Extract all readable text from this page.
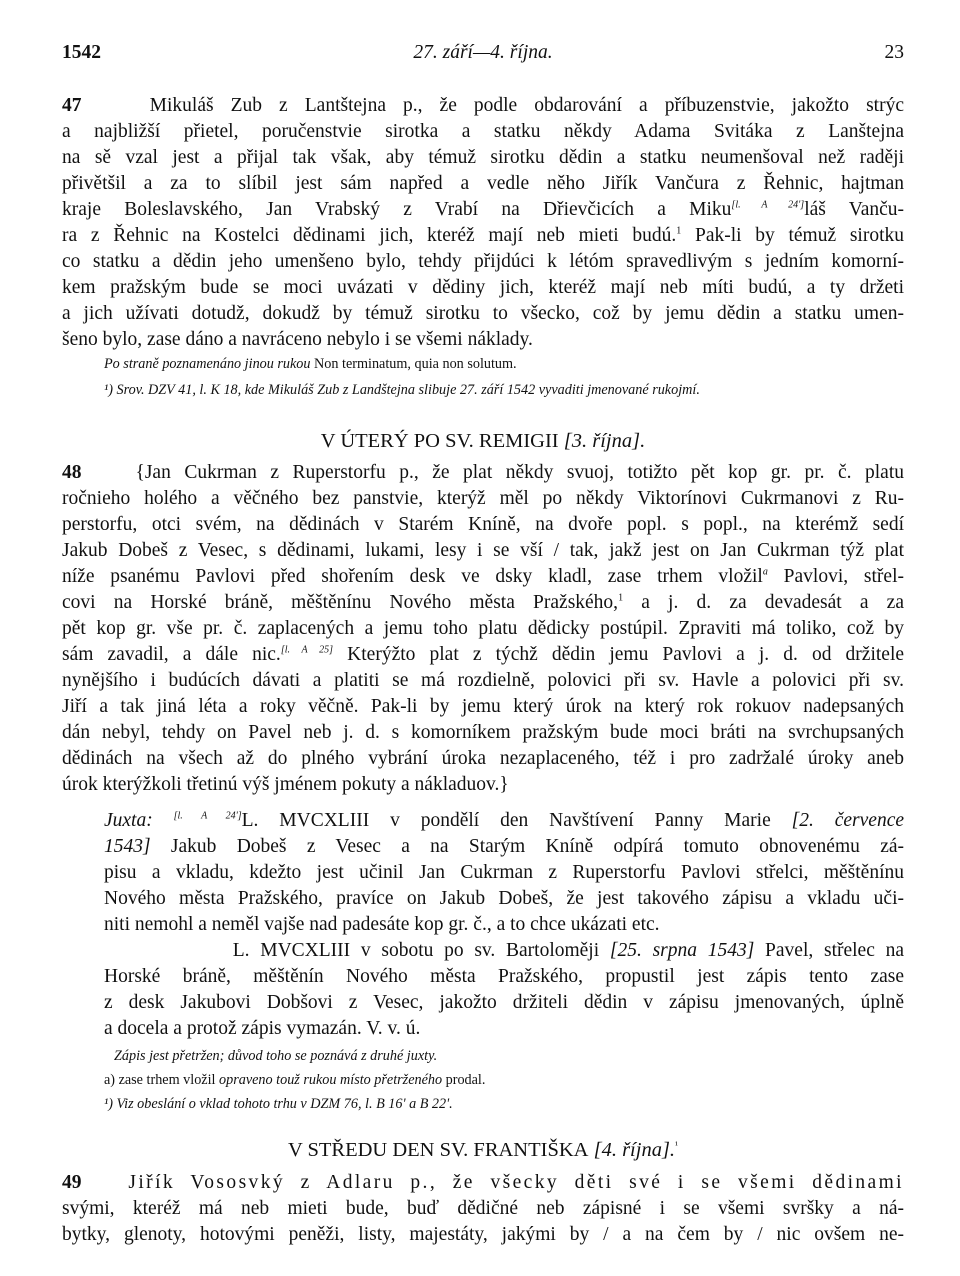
1542	27. září—4. října.	23
47	Mikuláš Zub z Lantštejna p., že podle obdarování a příbuzenstvie, jakožto strýc
a najbližší přietel, poručenstvie sirotka a statku někdy Adama Svitáka z Lanštejna
na sě vzal jest a přijal tak však, aby témuž sirotku dědin a statku neumenšoval než raději
přivětšil a za to slíbil jest sám napřed a vedle něho Jiřík Vančura z Řehnic, hajtman
kraje Boleslavského, Jan Vrabský z Vrabí na Dřievčicích a Miku[l. A 24']láš Vanču-
ra z Řehnic na Kostelci dědinami jich, kteréž mají neb mieti budú.$^1$ Pak-li by témuž sirotku
co statku a dědin jeho umenšeno bylo, tehdy přijdúci k létóm spravedlivým s jedním komorní-
kem pražským bude se moci uvázati v dědiny jich, kteréž mají neb míti budú, a ty držeti
a jich užívati dotudž, dokudž by témuž sirotku to všecko, což by jemu dědin a statku umen-
šeno bylo, zase dáno a navráceno nebylo i se všemi náklady.
Po straně poznamenáno jinou rukou Non terminatum, quia non solutum.
¹) Srov. DZV 41, l. K 18, kde Mikuláš Zub z Landštejna slibuje 27. září 1542 vyvaditi jmenované rukojmí.
V ÚTERÝ PO SV. REMIGII [3. října].
48	{Jan Cukrman z Ruperstorfu p., že plat někdy svuoj, totižto pět kop gr. pr. č. platu
ročnieho holého a věčného bez panstvie, kterýž měl po někdy Viktorínovi Cukrmanovi z Ru-
perstorfu, otci svém, na dědinách v Starém Kníně, na dvoře popl. s popl., na kterémž sedí
Jakub Dobeš z Vesec, s dědinami, lukami, lesy i se vší / tak, jakž jest on Jan Cukrman týž plat
níže psanému Pavlovi před shořením desk ve dsky kladl, zase trhem vložil$^a$ Pavlovi, střel-
covi na Horské bráně, měštěnínu Nového města Pražského,$^1$ a j. d. za devadesát a za
pět kop gr. vše pr. č. zaplacených a jemu toho platu dědicky postúpil. Zpraviti má toliko, což by
sám zavadil, a dále nic.[l. A 25] Kterýžto plat z týchž dědin jemu Pavlovi a j. d. od držitele
nynějšího i budúcích dávati a platiti se má rozdielně, polovici při sv. Havle a polovici při sv.
Jiří a tak jiná léta a roky věčně. Pak-li by jemu který úrok na který rok rokuov nadepsaných
dán nebyl, tehdy on Pavel neb j. d. s komorníkem pražským bude moci bráti na svrchupsaných
dědinách na všech až do plného vybrání úroka nezaplaceného, též i pro zadržalé úroky aneb
úrok kterýžkoli třetinú výš jménem pokuty a nákladuov.}
Juxta: [l. A 24']L. MVCXLIII v pondělí den Navštívení Panny Marie [2. července
1543] Jakub Dobeš z Vesec a na Starým Kníně odpírá tomuto obnovenému zá-
pisu a vkladu, kdežto jest učinil Jan Cukrman z Ruperstorfu Pavlovi střelci, měštěnínu
Nového města Pražského, pravíce on Jakub Dobeš, že jest takového zápisu a vkladu uči-
niti nemohl a neměl vajše nad padesáte kop gr. č., a to chce ukázati etc.
L. MVCXLIII v sobotu po sv. Bartoloměji [25. srpna 1543] Pavel, střelec na
Horské bráně, měštěnín Nového města Pražského, propustil jest zápis tento zase
z desk Jakubovi Dobšovi z Vesec, jakožto držiteli dědin v zápisu jmenovaných, úplně
a docela a protož zápis vymazán. V. v. ú.
Zápis jest přetržen; důvod toho se poznává z druhé juxty.
a) zase trhem vložil opraveno touž rukou místo přetrženého prodal.
¹) Viz obeslání o vklad tohoto trhu v DZM 76, l. B 16' a B 22'.
V STŘEDU DEN SV. FRANTIŠKA [4. října].$^{^1}$
49 Jiřík Vososvký z Adlaru p., že všecky děti své i se všemi dědinami
svými, kteréž má neb mieti bude, buď dědičné neb zápisné i se všemi svršky a ná-
bytky, glenoty, hotovými peněži, listy, majestáty, jakými by / a na čem by / nic ovšem ne-
